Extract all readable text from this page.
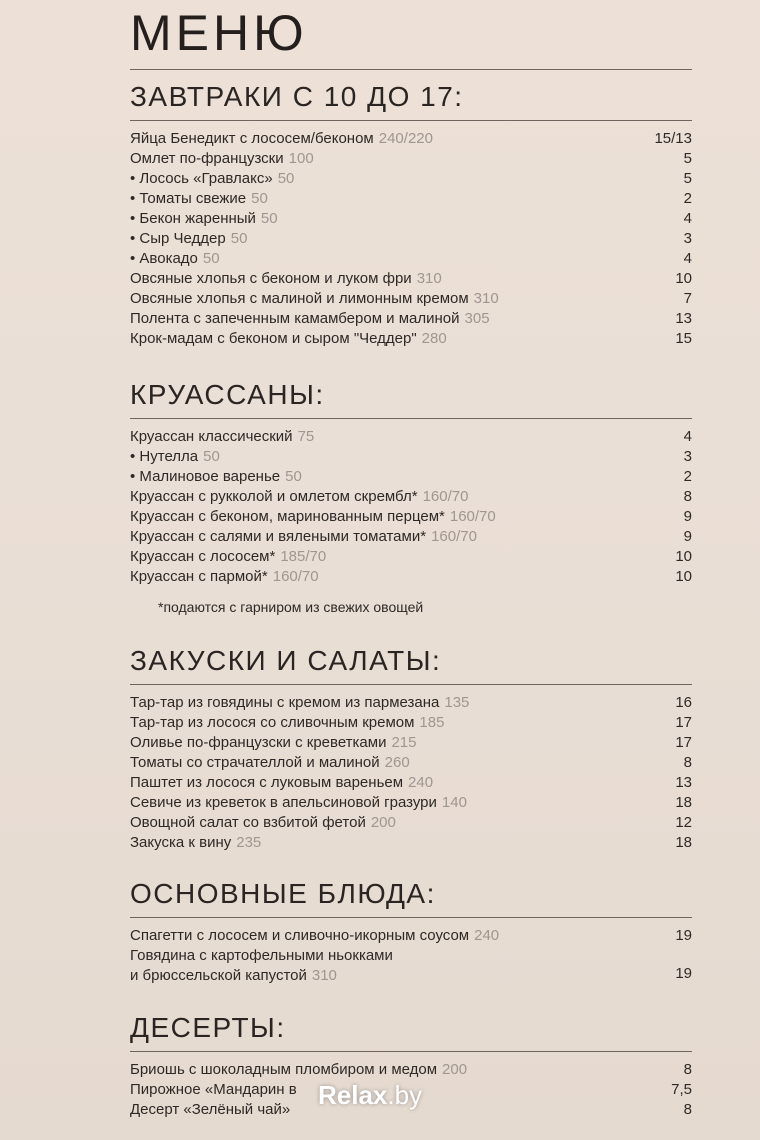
МЕНЮ
ЗАВТРАКИ С 10 ДО 17:
Яйца Бенедикт с лососем/беконом 240/220	15/13
Омлет по-французски 100	5
• Лосось «Гравлакс» 50	5
• Томаты свежие 50	2
• Бекон жаренный 50	4
• Сыр Чеддер 50	3
• Авокадо 50	4
Овсяные хлопья с беконом и луком фри 310	10
Овсяные хлопья с малиной и лимонным кремом 310	7
Полента с запеченным камамбером и малиной 305	13
Крок-мадам с беконом и сыром "Чеддер" 280	15
КРУАССАНЫ:
Круассан классический 75	4
• Нутелла 50	3
• Малиновое варенье 50	2
Круассан с рукколой и омлетом скрембл* 160/70	8
Круассан с беконом, маринованным перцем* 160/70	9
Круассан с салями и вялеными томатами* 160/70	9
Круассан с лососем* 185/70	10
Круассан с пармой* 160/70	10
*подаются с гарниром из свежих овощей
ЗАКУСКИ И САЛАТЫ:
Тар-тар из говядины с кремом из пармезана 135	16
Тар-тар из лосося со сливочным кремом 185	17
Оливье по-французски с креветками 215	17
Томаты со страчателлой и малиной 260	8
Паштет из лосося с луковым вареньем 240	13
Севиче из креветок в апельсиновой гразури 140	18
Овощной салат со взбитой фетой 200	12
Закуска к вину 235	18
ОСНОВНЫЕ БЛЮДА:
Спагетти с лососем и сливочно-икорным соусом 240	19
Говядина с картофельными ньокками
и брюссельской капустой 310	19
ДЕСЕРТЫ:
Бриошь с шоколадным пломбиром и медом 200	8
Пирожное «Мандарин в	7,5
Десерт «Зелёный чай»	8
Relax.by
